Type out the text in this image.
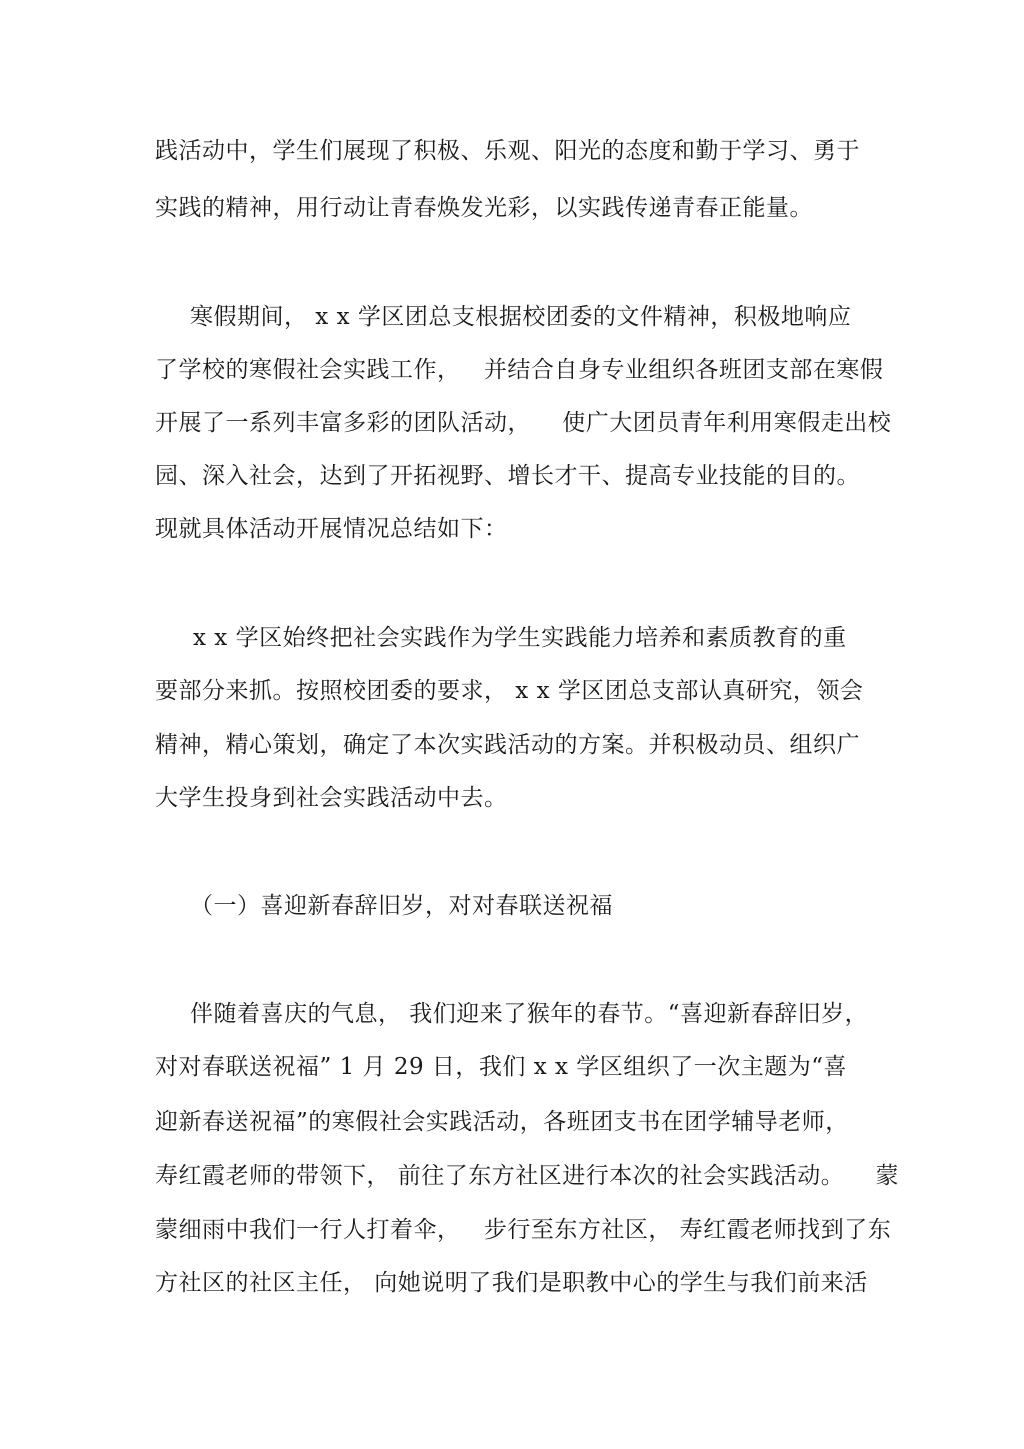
践活动中，学生们展现了积极、乐观、阳光的态度和勤于学习、勇于
实践的精神，用行动让青春焕发光彩，以实践传递青春正能量。
寒假期间， x x 学区团总支根据校团委的文件精神，积极地响应
了学校的寒假社会实践工作，   并结合自身专业组织各班团支部在寒假
开展了一系列丰富多彩的团队活动，    使广大团员青年利用寒假走出校
园、深入社会，达到了开拓视野、增长才干、提高专业技能的目的。
现就具体活动开展情况总结如下：
x x 学区始终把社会实践作为学生实践能力培养和素质教育的重
要部分来抓。按照校团委的要求， x x 学区团总支部认真研究，领会
精神，精心策划，确定了本次实践活动的方案。并积极动员、组织广
大学生投身到社会实践活动中去。
（一）喜迎新春辞旧岁，对对春联送祝福
伴随着喜庆的气息， 我们迎来了猴年的春节。“喜迎新春辞旧岁，
对对春联送祝福” 1 月 29 日，我们 x x 学区组织了一次主题为“喜
迎新春送祝福”的寒假社会实践活动，各班团支书在团学辅导老师，
寿红霞老师的带领下， 前往了东方社区进行本次的社会实践活动。    蒙
蒙细雨中我们一行人打着伞，   步行至东方社区， 寿红霞老师找到了东
方社区的社区主任， 向她说明了我们是职教中心的学生与我们前来活
